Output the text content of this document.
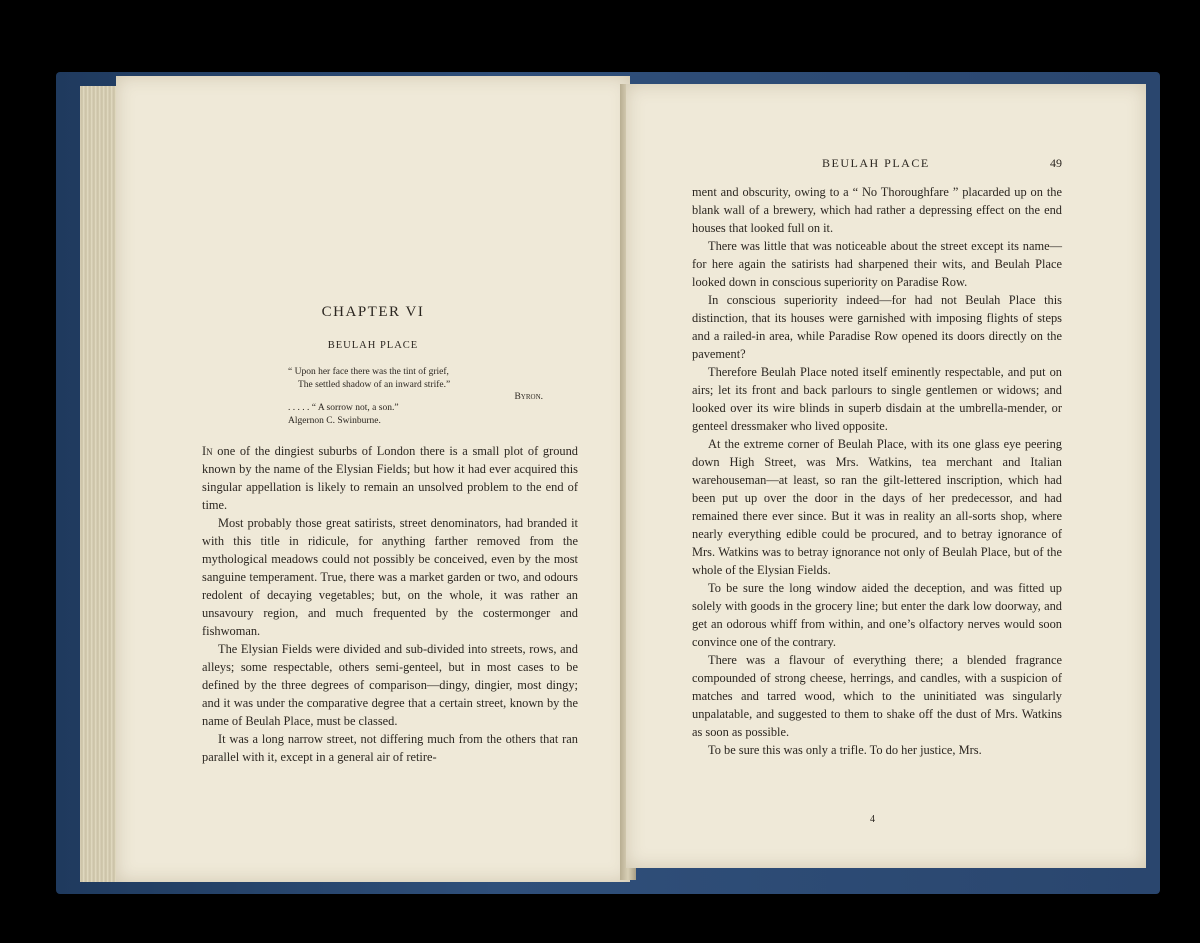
CHAPTER VI
BEULAH PLACE
“ Upon her face there was the tint of grief,
The settled shadow of an inward strife.”
Byron.
. . . . . “ A sorrow not, a son.”
Algernon C. Swinburne.

In one of the dingiest suburbs of London there is a small plot of ground known by the name of the Elysian Fields; but how it had ever acquired this singular appellation is likely to remain an unsolved problem to the end of time.

Most probably those great satirists, street denominators, had branded it with this title in ridicule, for anything farther removed from the mythological meadows could not possibly be conceived, even by the most sanguine temperament. True, there was a market garden or two, and odours redolent of decaying vegetables; but, on the whole, it was rather an unsavoury region, and much frequented by the costermonger and fishwoman.

The Elysian Fields were divided and sub-divided into streets, rows, and alleys; some respectable, others semi-genteel, but in most cases to be defined by the three degrees of comparison—dingy, dingier, most dingy; and it was under the comparative degree that a certain street, known by the name of Beulah Place, must be classed.

It was a long narrow street, not differing much from the others that ran parallel with it, except in a general air of retire-

BEULAH PLACE	49

ment and obscurity, owing to a “ No Thoroughfare ” placarded up on the blank wall of a brewery, which had rather a depressing effect on the end houses that looked full on it.

There was little that was noticeable about the street except its name—for here again the satirists had sharpened their wits, and Beulah Place looked down in conscious superiority on Paradise Row.

In conscious superiority indeed—for had not Beulah Place this distinction, that its houses were garnished with imposing flights of steps and a railed-in area, while Paradise Row opened its doors directly on the pavement?

Therefore Beulah Place noted itself eminently respectable, and put on airs; let its front and back parlours to single gentlemen or widows; and looked over its wire blinds in superb disdain at the umbrella-mender, or genteel dressmaker who lived opposite.

At the extreme corner of Beulah Place, with its one glass eye peering down High Street, was Mrs. Watkins, tea merchant and Italian warehouseman—at least, so ran the gilt-lettered inscription, which had been put up over the door in the days of her predecessor, and had remained there ever since. But it was in reality an all-sorts shop, where nearly everything edible could be procured, and to betray ignorance of Mrs. Watkins was to betray ignorance not only of Beulah Place, but of the whole of the Elysian Fields.

To be sure the long window aided the deception, and was fitted up solely with goods in the grocery line; but enter the dark low doorway, and get an odorous whiff from within, and one’s olfactory nerves would soon convince one of the contrary.

There was a flavour of everything there; a blended fragrance compounded of strong cheese, herrings, and candles, with a suspicion of matches and tarred wood, which to the uninitiated was singularly unpalatable, and suggested to them to shake off the dust of Mrs. Watkins as soon as possible.

To be sure this was only a trifle. To do her justice, Mrs.

4
